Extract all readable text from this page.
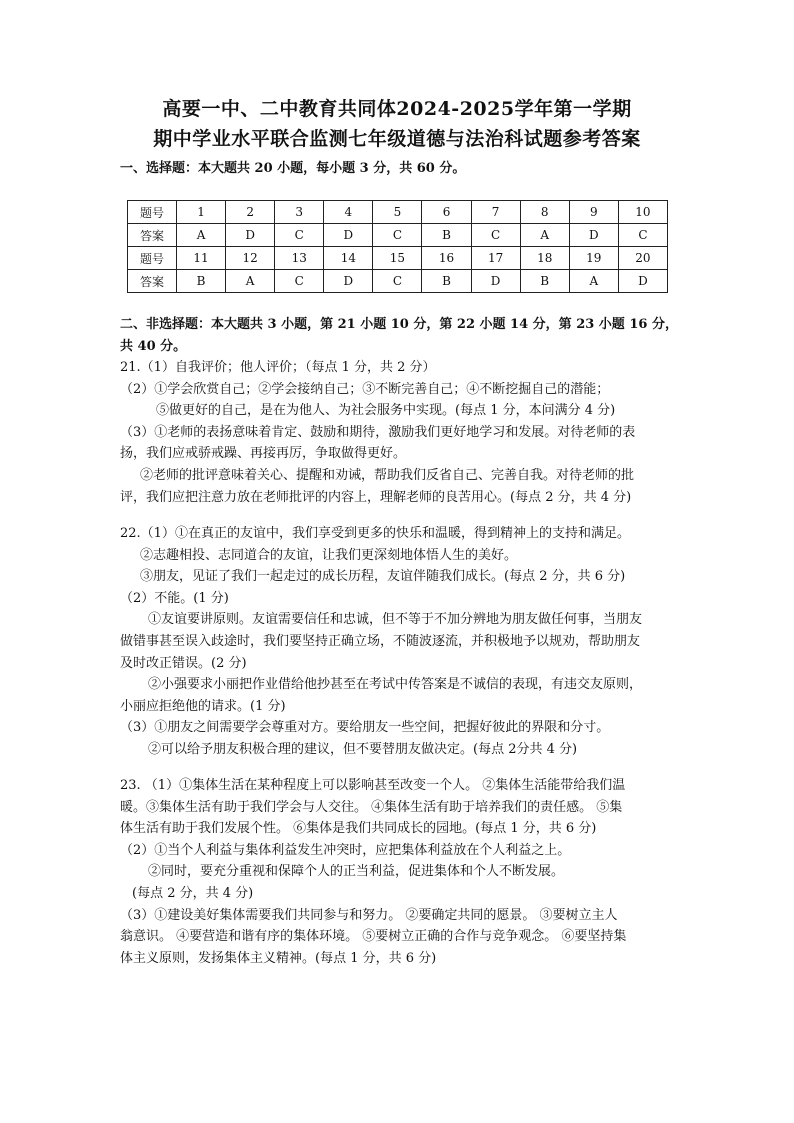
高要一中、二中教育共同体2024-2025学年第一学期
期中学业水平联合监测七年级道德与法治科试题参考答案
一、选择题：本大题共 20 小题，每小题 3 分，共 60 分。
题号	1	2	3	4	5	6	7	8	9	10
答案	A	D	C	D	C	B	C	A	D	C
题号	11	12	13	14	15	16	17	18	19	20
答案	B	A	C	D	C	B	D	B	A	D
二、非选择题：本大题共 3 小题，第 21 小题 10 分，第 22 小题 14 分，第 23 小题 16 分，
共 40 分。
21.（1）自我评价；他人评价；（每点 1 分，共 2 分）
（2）①学会欣赏自己；②学会接纳自己；③不断完善自己；④不断挖掘自己的潜能；
⑤做更好的自己，是在为他人、为社会服务中实现。(每点 1 分，本问满分 4 分)
（3）①老师的表扬意味着肯定、鼓励和期待，激励我们更好地学习和发展。对待老师的表
扬，我们应戒骄戒躁、再接再厉，争取做得更好。
②老师的批评意味着关心、提醒和劝诫，帮助我们反省自己、完善自我。对待老师的批
评，我们应把注意力放在老师批评的内容上，理解老师的良苦用心。(每点 2 分，共 4 分)
22.（1）①在真正的友谊中，我们享受到更多的快乐和温暖，得到精神上的支持和满足。
②志趣相投、志同道合的友谊，让我们更深刻地体悟人生的美好。
③朋友，见证了我们一起走过的成长历程，友谊伴随我们成长。(每点 2 分，共 6 分)
（2）不能。(1 分)
①友谊要讲原则。友谊需要信任和忠诚，但不等于不加分辨地为朋友做任何事，当朋友
做错事甚至误入歧途时，我们要坚持正确立场，不随波逐流，并积极地予以规劝，帮助朋友
及时改正错误。(2 分)
②小强要求小丽把作业借给他抄甚至在考试中传答案是不诚信的表现，有违交友原则，
小丽应拒绝他的请求。(1 分)
（3）①朋友之间需要学会尊重对方。要给朋友一些空间，把握好彼此的界限和分寸。
②可以给予朋友积极合理的建议，但不要替朋友做决定。(每点 2分共 4 分)
23. （1）①集体生活在某种程度上可以影响甚至改变一个人。 ②集体生活能带给我们温
暖。③集体生活有助于我们学会与人交往。 ④集体生活有助于培养我们的责任感。 ⑤集
体生活有助于我们发展个性。 ⑥集体是我们共同成长的园地。(每点 1 分，共 6 分)
（2）①当个人利益与集体利益发生冲突时，应把集体利益放在个人利益之上。
②同时，要充分重视和保障个人的正当利益，促进集体和个人不断发展。
(每点 2 分，共 4 分)
（3）①建设美好集体需要我们共同参与和努力。 ②要确定共同的愿景。 ③要树立主人
翁意识。 ④要营造和谐有序的集体环境。 ⑤要树立正确的合作与竞争观念。 ⑥要坚持集
体主义原则，发扬集体主义精神。(每点 1 分，共 6 分)
